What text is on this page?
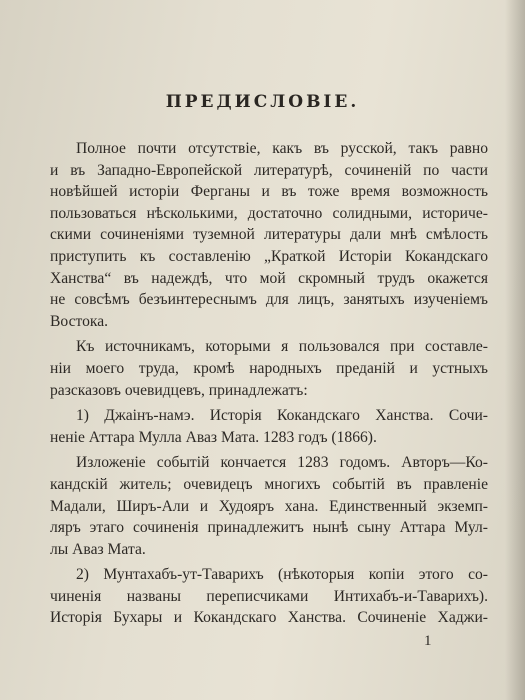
ПРЕДИСЛОВІЕ.
Полное почти отсутствіе, какъ въ русской, такъ равно
и въ Западно-Европейской литературѣ, сочиненій по части
новѣйшей исторіи Ферганы и въ тоже время возможность
пользоваться нѣсколькими, достаточно солидными, историче-
скими сочиненіями туземной литературы дали мнѣ смѣлость
приступить къ составленію „Краткой Исторіи Кокандскаго
Ханства“ въ надеждѣ, что мой скромный трудъ окажется
не совсѣмъ безъинтереснымъ для лицъ, занятыхъ изученіемъ
Востока.
Къ источникамъ, которыми я пользовался при составле-
ніи моего труда, кромѣ народныхъ преданій и устныхъ
разсказовъ очевидцевъ, принадлежатъ:
1) Джаінъ-намэ. Исторія Кокандскаго Ханства. Сочи-
неніе Аттара Мулла Аваз Мата. 1283 годъ (1866).
Изложеніе событій кончается 1283 годомъ. Авторъ—Ко-
кандскій житель; очевидецъ многихъ событій въ правленіе
Мадали, Ширъ-Али и Худояръ хана. Единственный экземп-
ляръ этаго сочиненія принадлежитъ нынѣ сыну Аттара Мул-
лы Аваз Мата.
2) Мунтахабъ-ут-Таварихъ (нѣкоторыя копіи этого со-
чиненія названы переписчиками Интихабъ-и-Таварихъ).
Исторія Бухары и Кокандскаго Ханства. Сочиненіе Хаджи-
1
